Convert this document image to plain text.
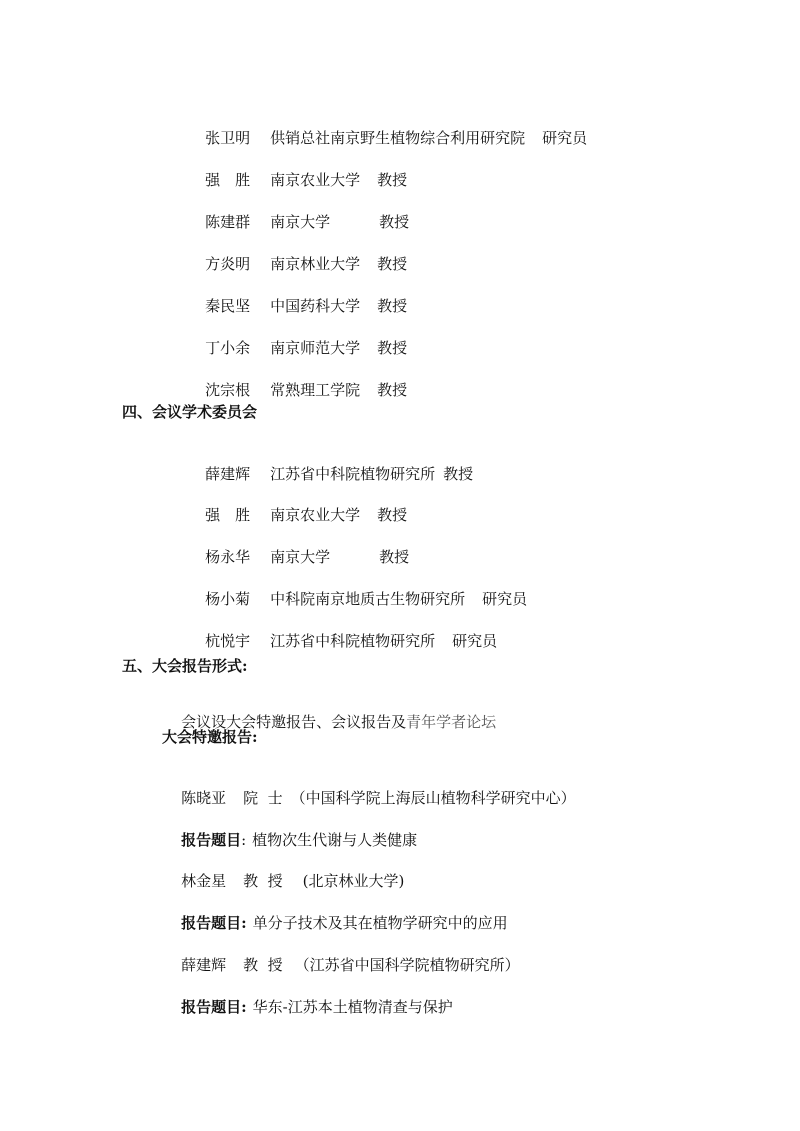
张卫明 供销总社南京野生植物综合利用研究院 研究员

强　胜 南京农业大学 教授

陈建群 南京大学	教授

方炎明 南京林业大学 教授

秦民坚 中国药科大学 教授

丁小余 南京师范大学 教授

沈宗根 常熟理工学院 教授

四、会议学术委员会

薛建辉 江苏省中科院植物研究所 教授

强　胜 南京农业大学 教授

杨永华 南京大学	教授

杨小菊 中科院南京地质古生物研究所 研究员

杭悦宇 江苏省中科院植物研究所 研究员

五、大会报告形式:

会议设大会特邀报告、会议报告及青年学者论坛

大会特邀报告:

陈晓亚 院  士 （中国科学院上海辰山植物科学研究中心）

报告题目: 植物次生代谢与人类健康

林金星 教  授 (北京林业大学)

报告题目: 单分子技术及其在植物学研究中的应用

薛建辉 教  授 （江苏省中国科学院植物研究所）

报告题目: 华东-江苏本土植物清查与保护
